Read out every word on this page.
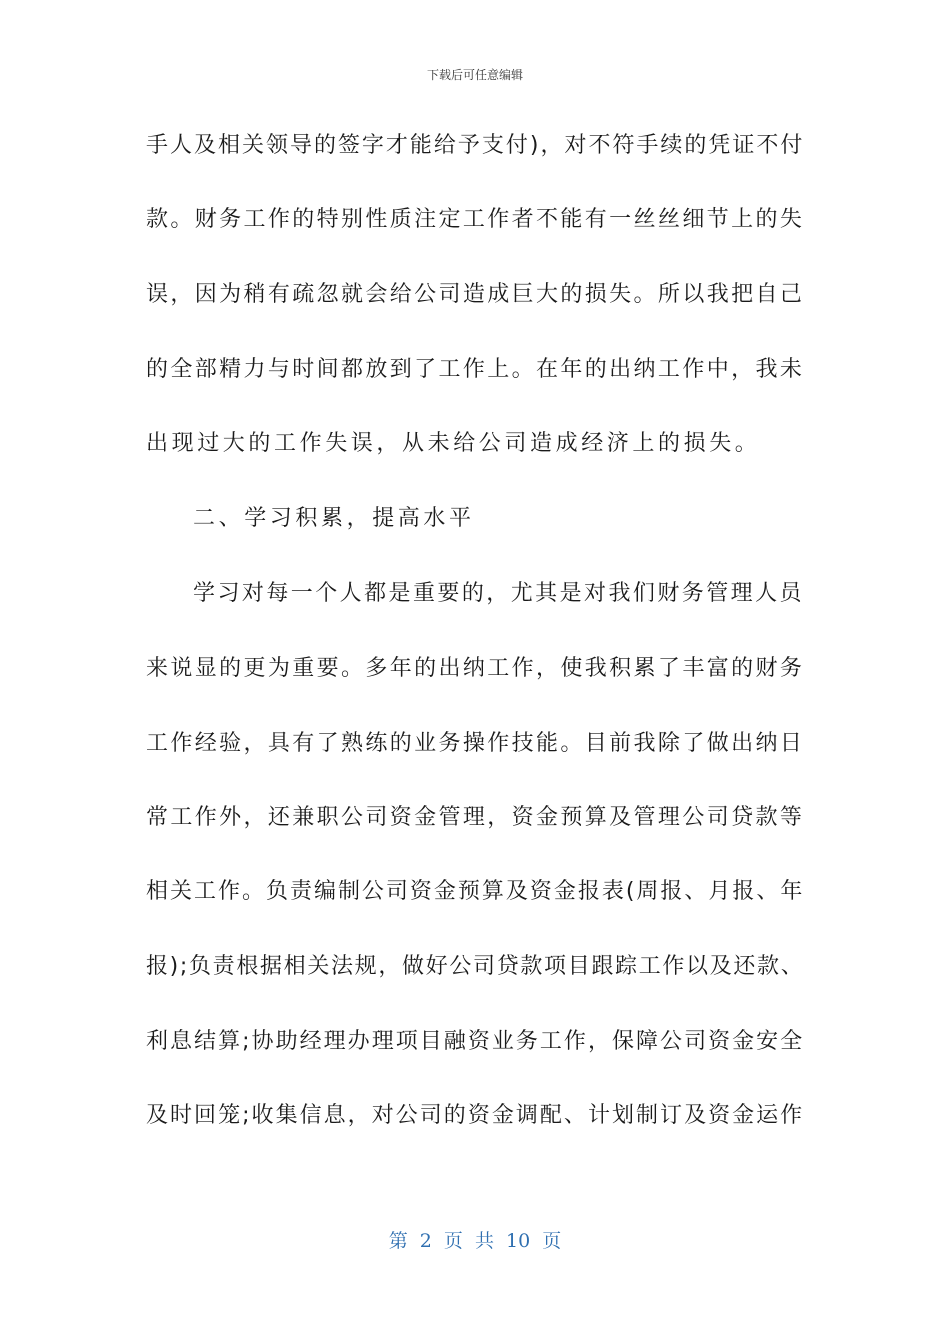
下载后可任意编辑
手人及相关领导的签字才能给予支付)，对不符手续的凭证不付
款。财务工作的特别性质注定工作者不能有一丝丝细节上的失
误，因为稍有疏忽就会给公司造成巨大的损失。所以我把自己
的全部精力与时间都放到了工作上。在年的出纳工作中，我未
出现过大的工作失误，从未给公司造成经济上的损失。
二、学习积累，提高水平
学习对每一个人都是重要的，尤其是对我们财务管理人员
来说显的更为重要。多年的出纳工作，使我积累了丰富的财务
工作经验，具有了熟练的业务操作技能。目前我除了做出纳日
常工作外，还兼职公司资金管理，资金预算及管理公司贷款等
相关工作。负责编制公司资金预算及资金报表(周报、月报、年
报);负责根据相关法规，做好公司贷款项目跟踪工作以及还款、
利息结算;协助经理办理项目融资业务工作，保障公司资金安全
及时回笼;收集信息，对公司的资金调配、计划制订及资金运作
第 2 页 共 10 页
